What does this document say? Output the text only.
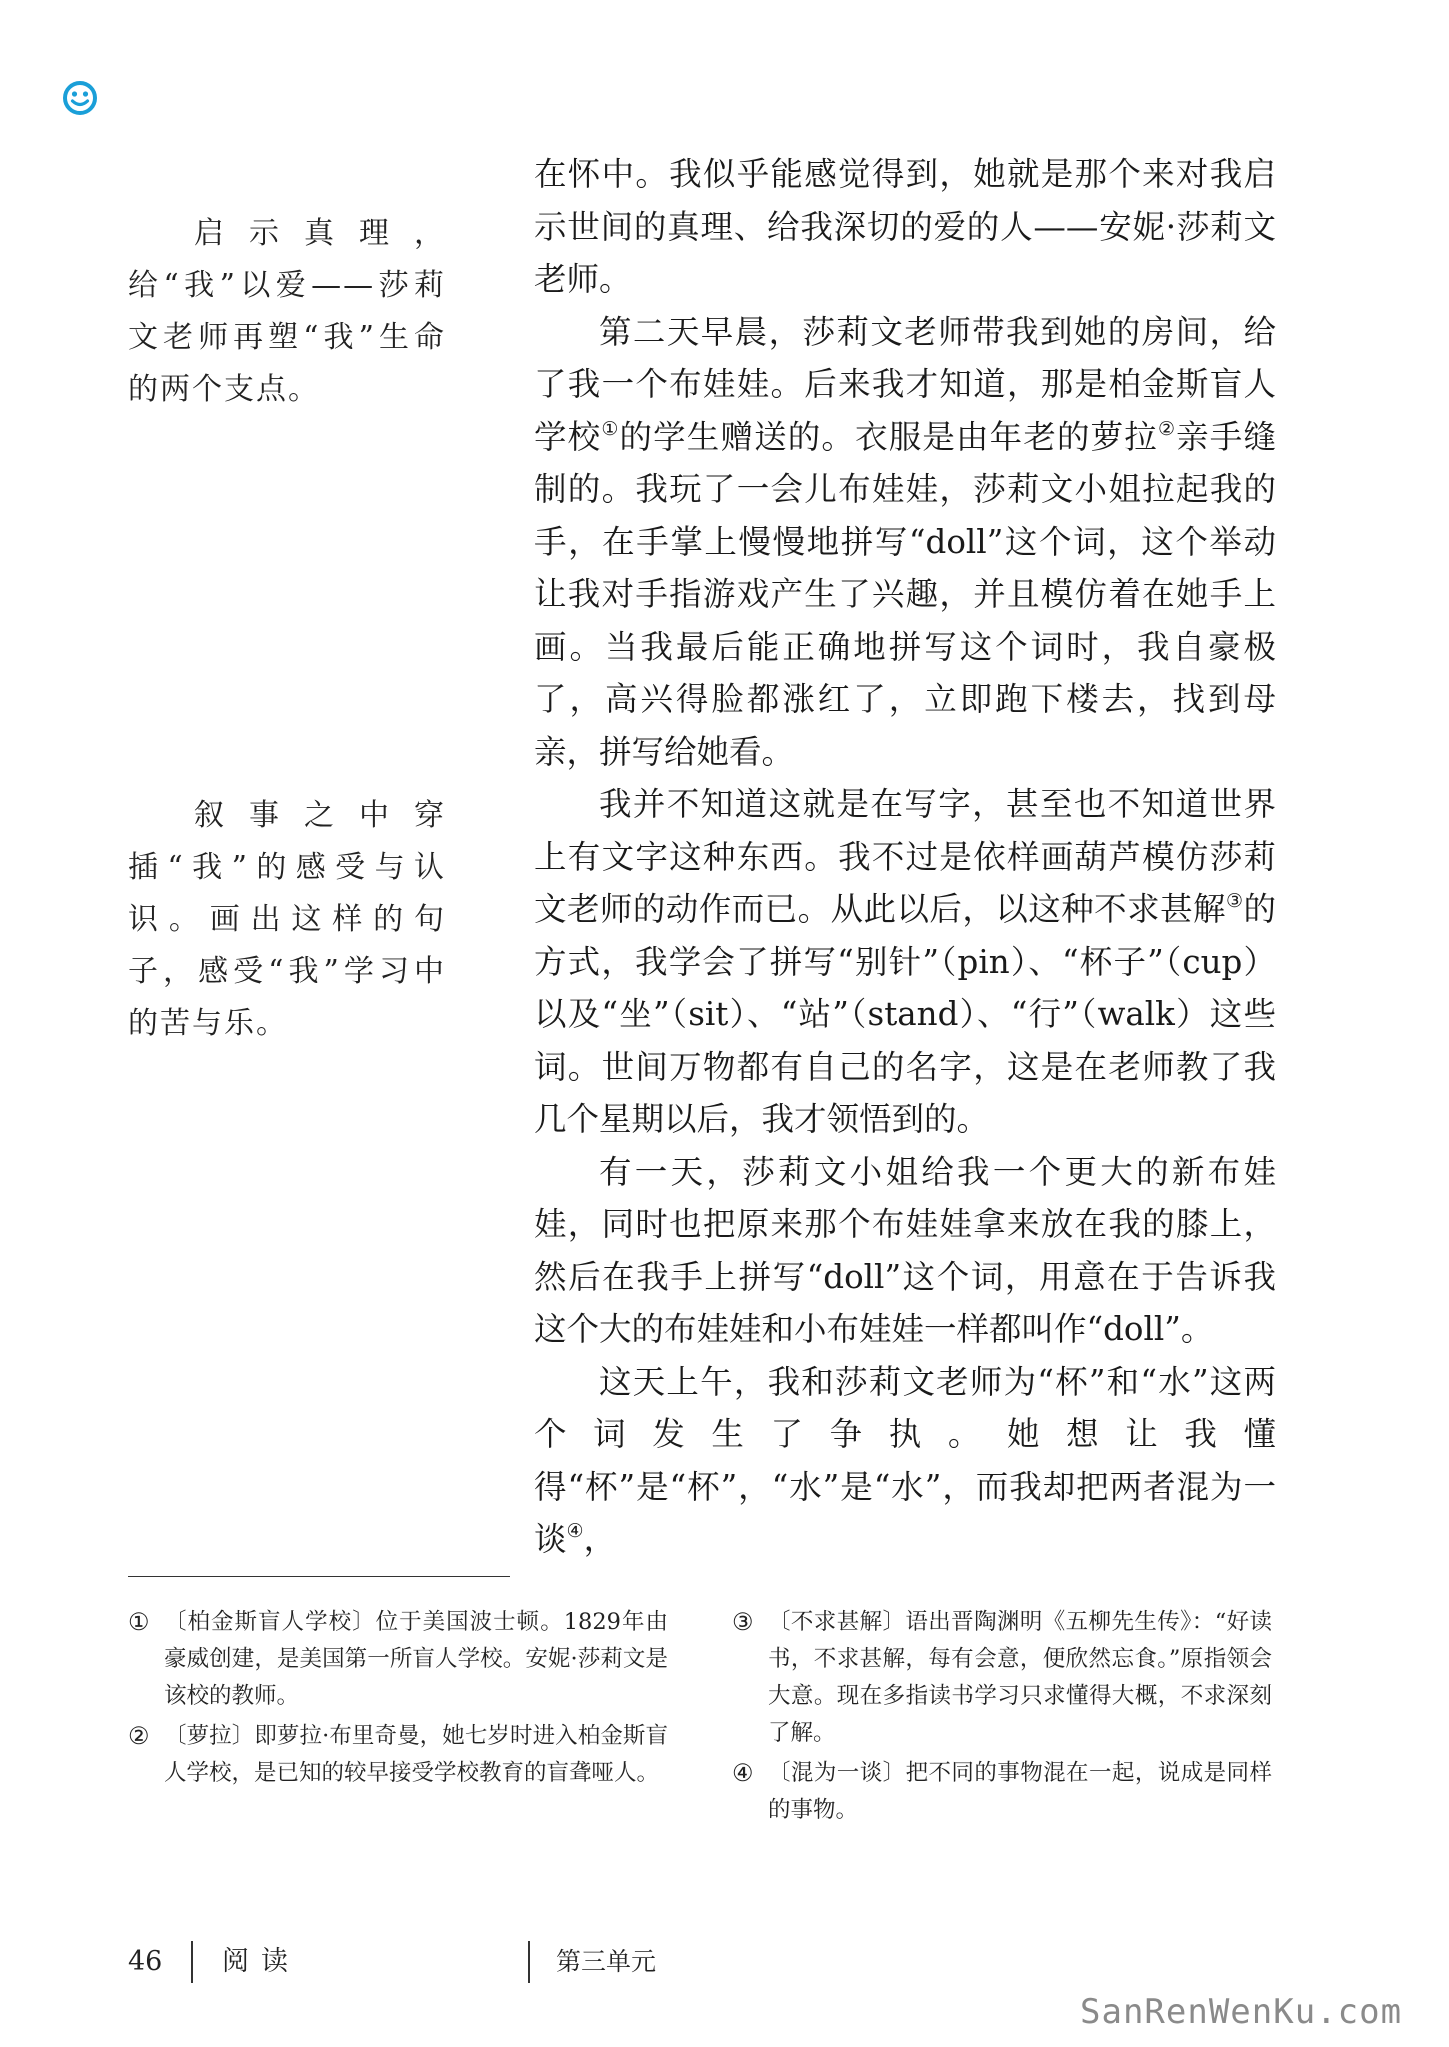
启示真理，给“我”以爱——莎莉文老师再塑“我”生命的两个支点。
叙事之中穿插“我”的感受与认识。画出这样的句子，感受“我”学习中的苦与乐。

在怀中。我似乎能感觉得到，她就是那个来对我启示世间的真理、给我深切的爱的人——安妮·莎莉文老师。

第二天早晨，莎莉文老师带我到她的房间，给了我一个布娃娃。后来我才知道，那是柏金斯盲人学校①的学生赠送的。衣服是由年老的萝拉②亲手缝制的。我玩了一会儿布娃娃，莎莉文小姐拉起我的手，在手掌上慢慢地拼写“doll”这个词，这个举动让我对手指游戏产生了兴趣，并且模仿着在她手上画。当我最后能正确地拼写这个词时，我自豪极了，高兴得脸都涨红了，立即跑下楼去，找到母亲，拼写给她看。

我并不知道这就是在写字，甚至也不知道世界上有文字这种东西。我不过是依样画葫芦模仿莎莉文老师的动作而已。从此以后，以这种不求甚解③的方式，我学会了拼写“别针”（pin）、“杯子”（cup）以及“坐”（sit）、“站”（stand）、“行”（walk）这些词。世间万物都有自己的名字，这是在老师教了我几个星期以后，我才领悟到的。

有一天，莎莉文小姐给我一个更大的新布娃娃，同时也把原来那个布娃娃拿来放在我的膝上，然后在我手上拼写“doll”这个词，用意在于告诉我这个大的布娃娃和小布娃娃一样都叫作“doll”。

这天上午，我和莎莉文老师为“杯”和“水”这两个词发生了争执。她想让我懂得“杯”是“杯”，“水”是“水”，而我却把两者混为一谈④，

① 〔柏金斯盲人学校〕位于美国波士顿。1829年由豪威创建，是美国第一所盲人学校。安妮·莎莉文是该校的教师。
② 〔萝拉〕即萝拉·布里奇曼，她七岁时进入柏金斯盲人学校，是已知的较早接受学校教育的盲聋哑人。
③ 〔不求甚解〕语出晋陶渊明《五柳先生传》：“好读书，不求甚解，每有会意，便欣然忘食。”原指领会大意。现在多指读书学习只求懂得大概，不求深刻了解。
④ 〔混为一谈〕把不同的事物混在一起，说成是同样的事物。
46 阅读	第三单元
SanRenWenKu.com
